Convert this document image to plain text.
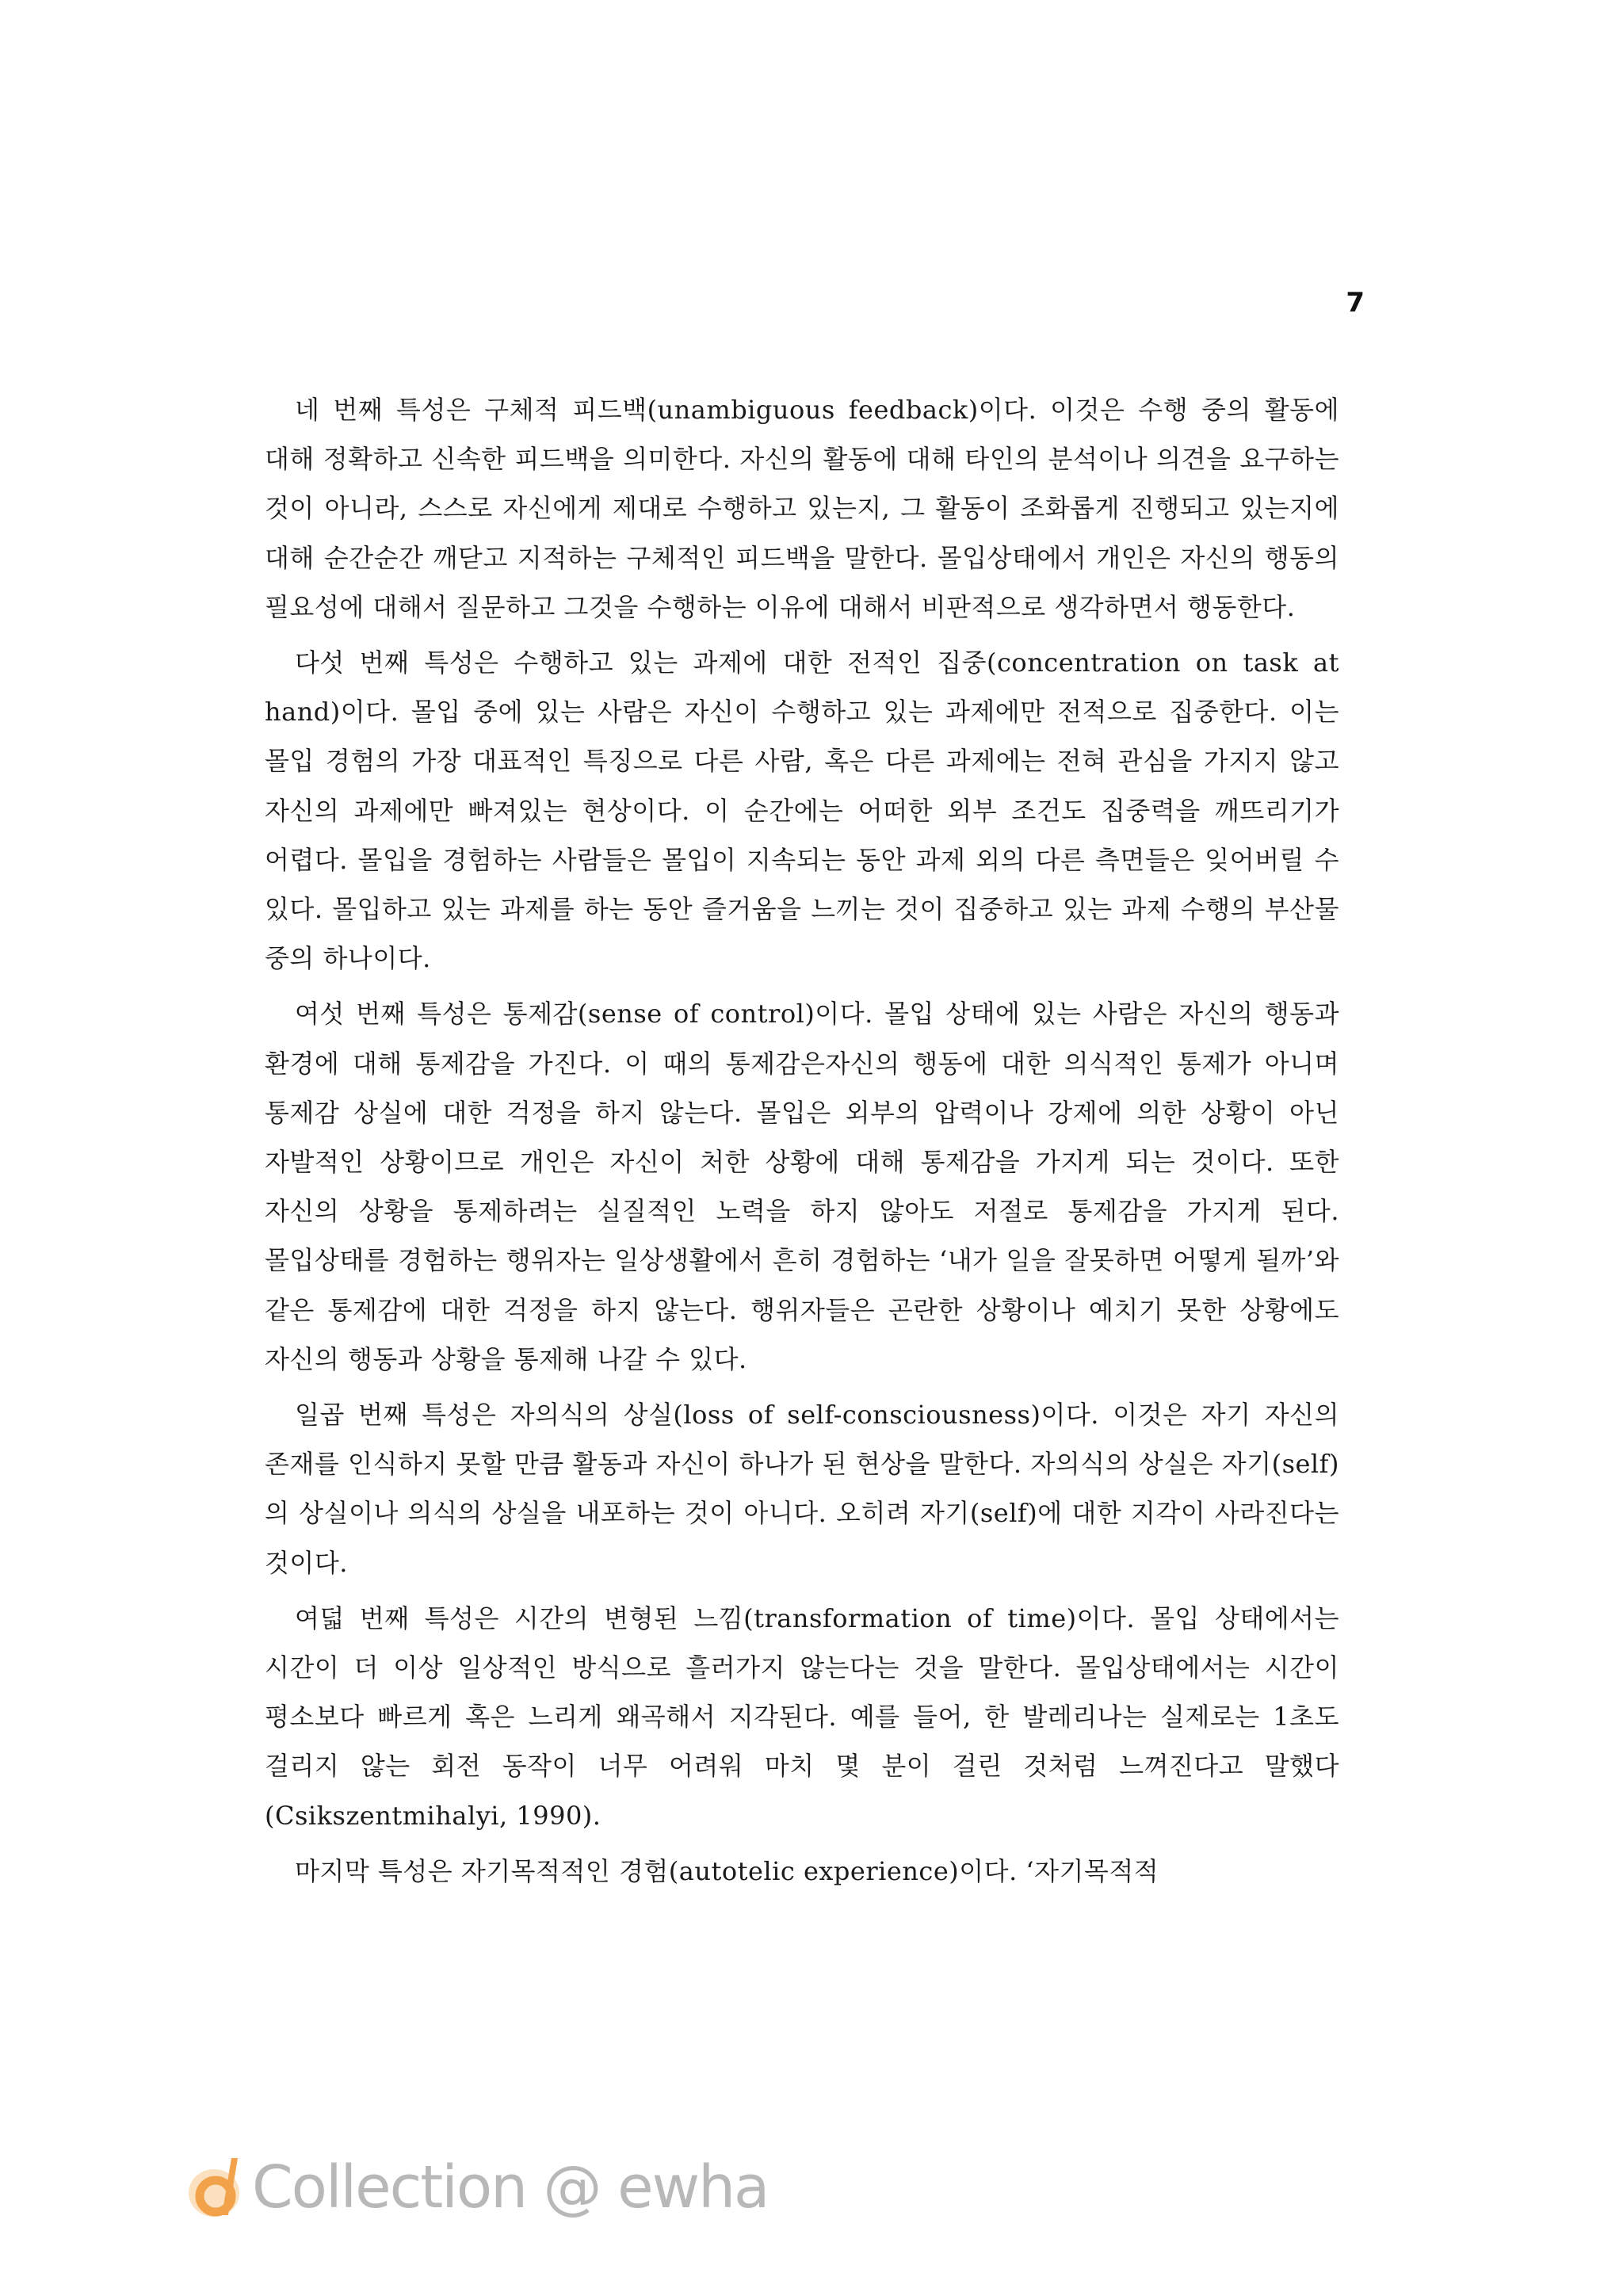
7

네 번째 특성은 구체적 피드백(unambiguous feedback)이다. 이것은 수행 중의 활동에 대해 정확하고 신속한 피드백을 의미한다. 자신의 활동에 대해 타인의 분석이나 의견을 요구하는 것이 아니라, 스스로 자신에게 제대로 수행하고 있는지, 그 활동이 조화롭게 진행되고 있는지에 대해 순간순간 깨닫고 지적하는 구체적인 피드백을 말한다. 몰입상태에서 개인은 자신의 행동의 필요성에 대해서 질문하고 그것을 수행하는 이유에 대해서 비판적으로 생각하면서 행동한다.

다섯 번째 특성은 수행하고 있는 과제에 대한 전적인 집중(concentration on task at hand)이다. 몰입 중에 있는 사람은 자신이 수행하고 있는 과제에만 전적으로 집중한다. 이는 몰입 경험의 가장 대표적인 특징으로 다른 사람, 혹은 다른 과제에는 전혀 관심을 가지지 않고 자신의 과제에만 빠져있는 현상이다. 이 순간에는 어떠한 외부 조건도 집중력을 깨뜨리기가 어렵다. 몰입을 경험하는 사람들은 몰입이 지속되는 동안 과제 외의 다른 측면들은 잊어버릴 수 있다. 몰입하고 있는 과제를 하는 동안 즐거움을 느끼는 것이 집중하고 있는 과제 수행의 부산물 중의 하나이다.

여섯 번째 특성은 통제감(sense of control)이다. 몰입 상태에 있는 사람은 자신의 행동과 환경에 대해 통제감을 가진다. 이 때의 통제감은자신의 행동에 대한 의식적인 통제가 아니며 통제감 상실에 대한 걱정을 하지 않는다. 몰입은 외부의 압력이나 강제에 의한 상황이 아닌 자발적인 상황이므로 개인은 자신이 처한 상황에 대해 통제감을 가지게 되는 것이다. 또한 자신의 상황을 통제하려는 실질적인 노력을 하지 않아도 저절로 통제감을 가지게 된다. 몰입상태를 경험하는 행위자는 일상생활에서 흔히 경험하는 ‘내가 일을 잘못하면 어떻게 될까’와 같은 통제감에 대한 걱정을 하지 않는다. 행위자들은 곤란한 상황이나 예치기 못한 상황에도 자신의 행동과 상황을 통제해 나갈 수 있다.

일곱 번째 특성은 자의식의 상실(loss of self-consciousness)이다. 이것은 자기 자신의 존재를 인식하지 못할 만큼 활동과 자신이 하나가 된 현상을 말한다. 자의식의 상실은 자기(self)의 상실이나 의식의 상실을 내포하는 것이 아니다. 오히려 자기(self)에 대한 지각이 사라진다는 것이다.

여덟 번째 특성은 시간의 변형된 느낌(transformation of time)이다. 몰입 상태에서는 시간이 더 이상 일상적인 방식으로 흘러가지 않는다는 것을 말한다. 몰입상태에서는 시간이 평소보다 빠르게 혹은 느리게 왜곡해서 지각된다. 예를 들어, 한 발레리나는 실제로는 1초도 걸리지 않는 회전 동작이 너무 어려워 마치 몇 분이 걸린 것처럼 느껴진다고 말했다(Csikszentmihalyi, 1990).

마지막 특성은 자기목적적인 경험(autotelic experience)이다. ‘자기목적적

Collection @ ewha
